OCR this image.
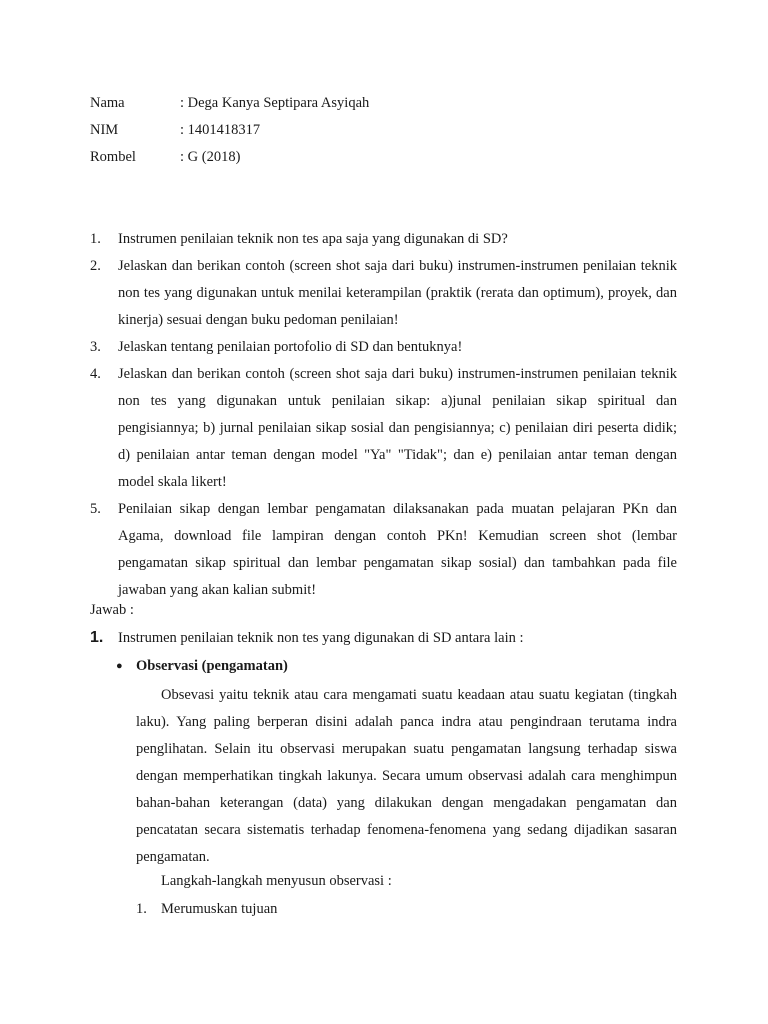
Nama	: Dega Kanya Septipara Asyiqah
NIM	: 1401418317
Rombel	: G (2018)
1. Instrumen penilaian teknik non tes apa saja yang digunakan di SD?
2. Jelaskan dan berikan contoh (screen shot saja dari buku) instrumen-instrumen penilaian teknik non tes yang digunakan untuk menilai keterampilan (praktik (rerata dan optimum), proyek, dan kinerja) sesuai dengan buku pedoman penilaian!
3. Jelaskan tentang penilaian portofolio di SD dan bentuknya!
4. Jelaskan dan berikan contoh (screen shot saja dari buku) instrumen-instrumen penilaian teknik non tes yang digunakan untuk penilaian sikap: a)junal penilaian sikap spiritual dan pengisiannya; b) jurnal penilaian sikap sosial dan pengisiannya; c) penilaian diri peserta didik; d) penilaian antar teman dengan model "Ya" "Tidak"; dan e) penilaian antar teman dengan model skala likert!
5. Penilaian sikap dengan lembar pengamatan dilaksanakan pada muatan pelajaran PKn dan Agama, download file lampiran dengan contoh PKn! Kemudian screen shot (lembar pengamatan sikap spiritual dan lembar pengamatan sikap sosial) dan tambahkan pada file jawaban yang akan kalian submit!
Jawab :
1. Instrumen penilaian teknik non tes yang digunakan di SD antara lain :
● Observasi (pengamatan)
Obsevasi yaitu teknik atau cara mengamati suatu keadaan atau suatu kegiatan (tingkah laku). Yang paling berperan disini adalah panca indra atau pengindraan terutama indra penglihatan. Selain itu observasi merupakan suatu pengamatan langsung terhadap siswa dengan memperhatikan tingkah lakunya. Secara umum observasi adalah cara menghimpun bahan-bahan keterangan (data) yang dilakukan dengan mengadakan pengamatan dan pencatatan secara sistematis terhadap fenomena-fenomena yang sedang dijadikan sasaran pengamatan.
Langkah-langkah menyusun observasi :
1. Merumuskan tujuan
